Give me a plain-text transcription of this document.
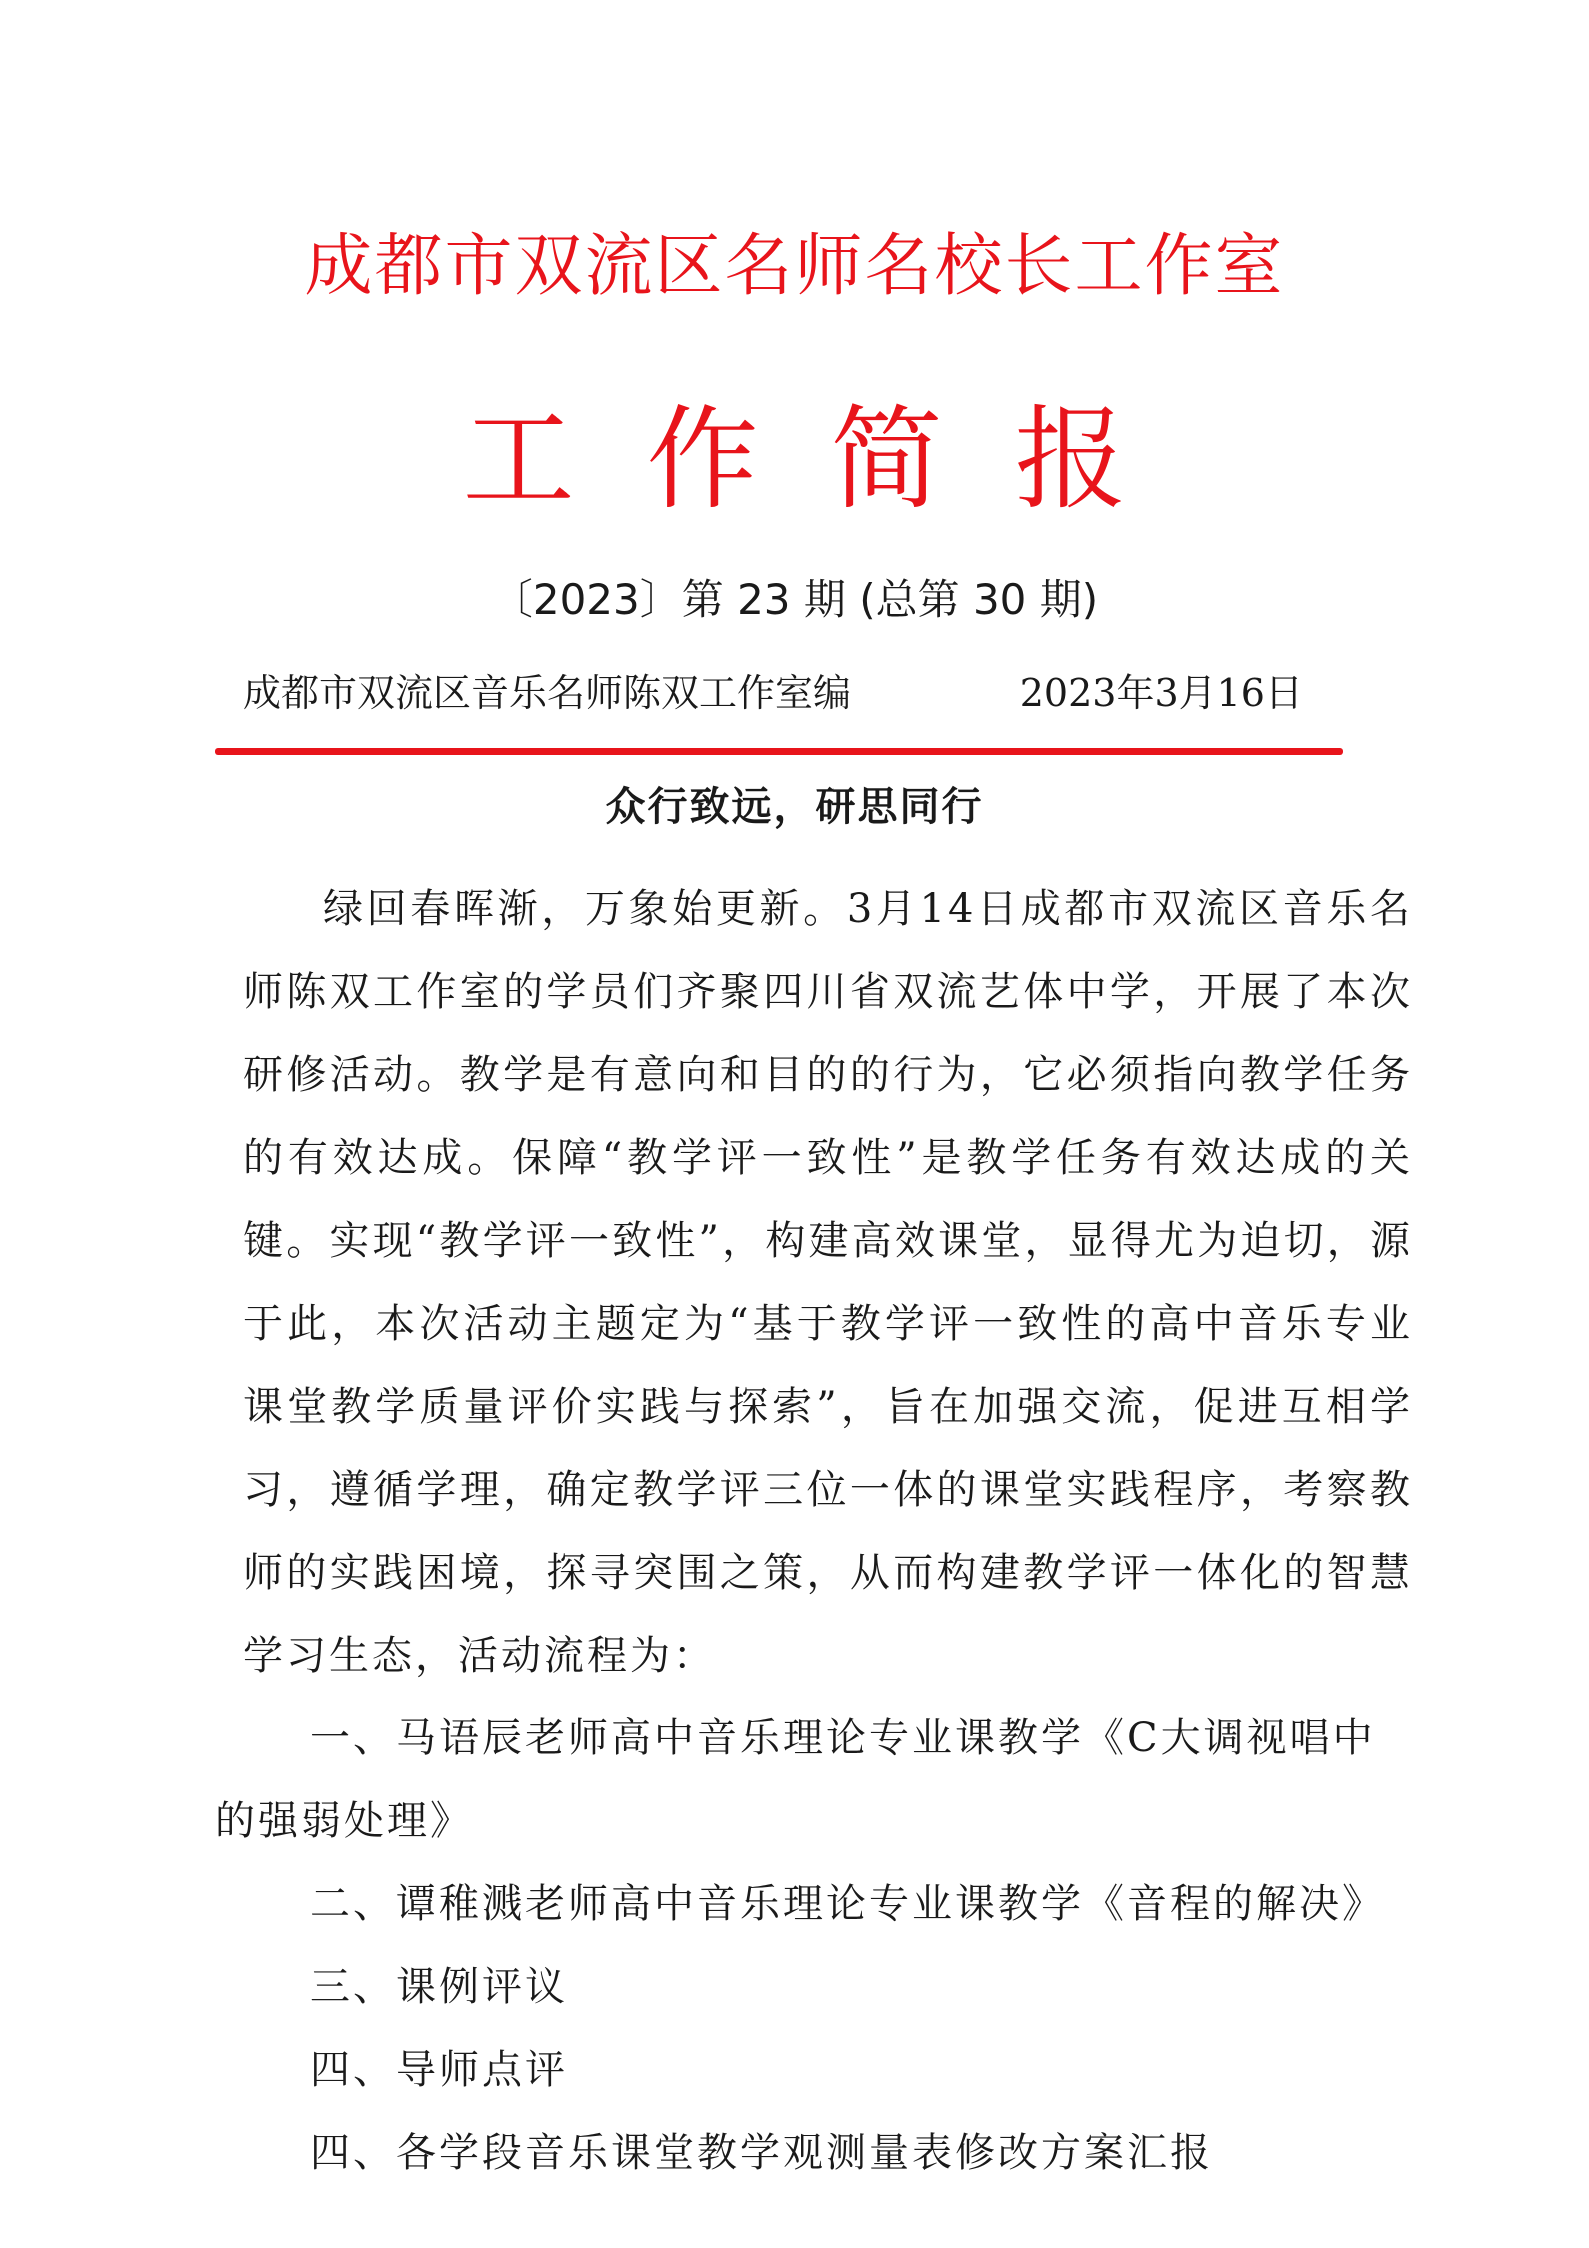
成都市双流区名师名校长工作室
工作简报
〔2023〕第 23 期 (总第 30 期)
成都市双流区音乐名师陈双工作室编	2023年3月16日
众行致远，研思同行

绿回春晖渐，万象始更新。3月14日成都市双流区音乐名师陈双工作室的学员们齐聚四川省双流艺体中学，开展了本次研修活动。教学是有意向和目的的行为，它必须指向教学任务的有效达成。保障“教学评一致性”是教学任务有效达成的关键。实现“教学评一致性”，构建高效课堂，显得尤为迫切，源于此，本次活动主题定为“基于教学评一致性的高中音乐专业课堂教学质量评价实践与探索”，旨在加强交流，促进互相学习，遵循学理，确定教学评三位一体的课堂实践程序，考察教师的实践困境，探寻突围之策，从而构建教学评一体化的智慧学习生态，活动流程为：

一、马语辰老师高中音乐理论专业课教学《C大调视唱中的强弱处理》
二、谭稚溅老师高中音乐理论专业课教学《音程的解决》
三、课例评议
四、导师点评
四、各学段音乐课堂教学观测量表修改方案汇报
